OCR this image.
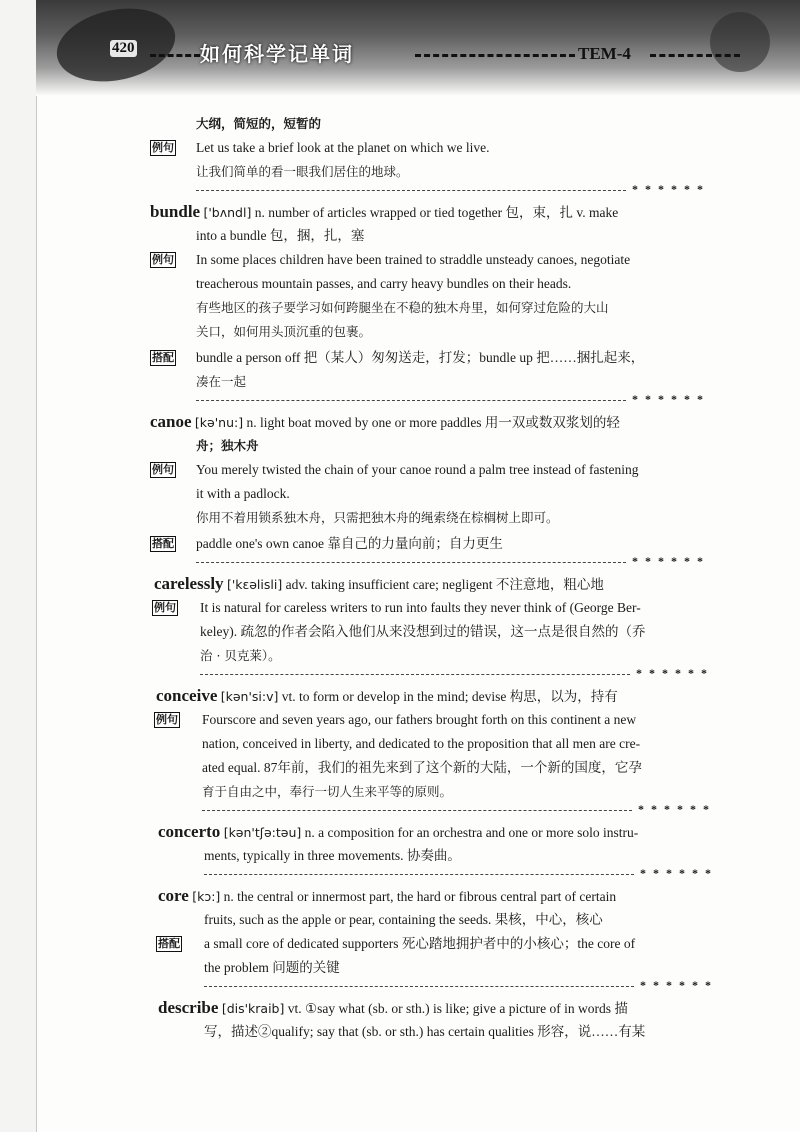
420	如何科学记单词	TEM-4
大纲，简短的，短暂的
例句 Let us take a brief look at the planet on which we live.
让我们简单的看一眼我们居住的地球。
* * * * * *
bundle ['bʌndl] n. number of articles wrapped or tied together 包，束，扎 v. make
into a bundle 包，捆，扎，塞
例句 In some places children have been trained to straddle unsteady canoes, negotiate
treacherous mountain passes, and carry heavy bundles on their heads.
有些地区的孩子要学习如何跨腿坐在不稳的独木舟里，如何穿过危险的大山
关口，如何用头顶沉重的包裹。
搭配 bundle a person off 把（某人）匆匆送走，打发；bundle up 把……捆扎起来，
凑在一起
* * * * * *
canoe [kə'nu:] n. light boat moved by one or more paddles 用一双或数双浆划的轻
舟；独木舟
例句 You merely twisted the chain of your canoe round a palm tree instead of fastening
it with a padlock.
你用不着用锁系独木舟，只需把独木舟的绳索绕在棕榈树上即可。
搭配 paddle one's own canoe 靠自己的力量向前；自力更生
* * * * * *
carelessly ['kɛəlisli] adv. taking insufficient care; negligent 不注意地，粗心地
例句 It is natural for careless writers to run into faults they never think of (George Ber-
keley). 疏忽的作者会陷入他们从来没想到过的错误，这一点是很自然的（乔
治 · 贝克莱）。
* * * * * *
conceive [kən'si:v] vt. to form or develop in the mind; devise 构思，以为，持有
例句 Fourscore and seven years ago, our fathers brought forth on this continent a new
nation, conceived in liberty, and dedicated to the proposition that all men are cre-
ated equal. 87年前，我们的祖先来到了这个新的大陆，一个新的国度，它孕
育于自由之中，奉行一切人生来平等的原则。
* * * * * *
concerto [kən'tʃə:təu] n. a composition for an orchestra and one or more solo instru-
ments, typically in three movements. 协奏曲。
* * * * * *
core [kɔ:] n. the central or innermost part, the hard or fibrous central part of certain
fruits, such as the apple or pear, containing the seeds. 果核，中心，核心
搭配 a small core of dedicated supporters 死心踏地拥护者中的小核心；the core of
the problem 问题的关键
* * * * * *
describe [dis'kraib] vt. ①say what (sb. or sth.) is like; give a picture of in words 描
写，描述②qualify; say that (sb. or sth.) has certain qualities 形容，说……有某
